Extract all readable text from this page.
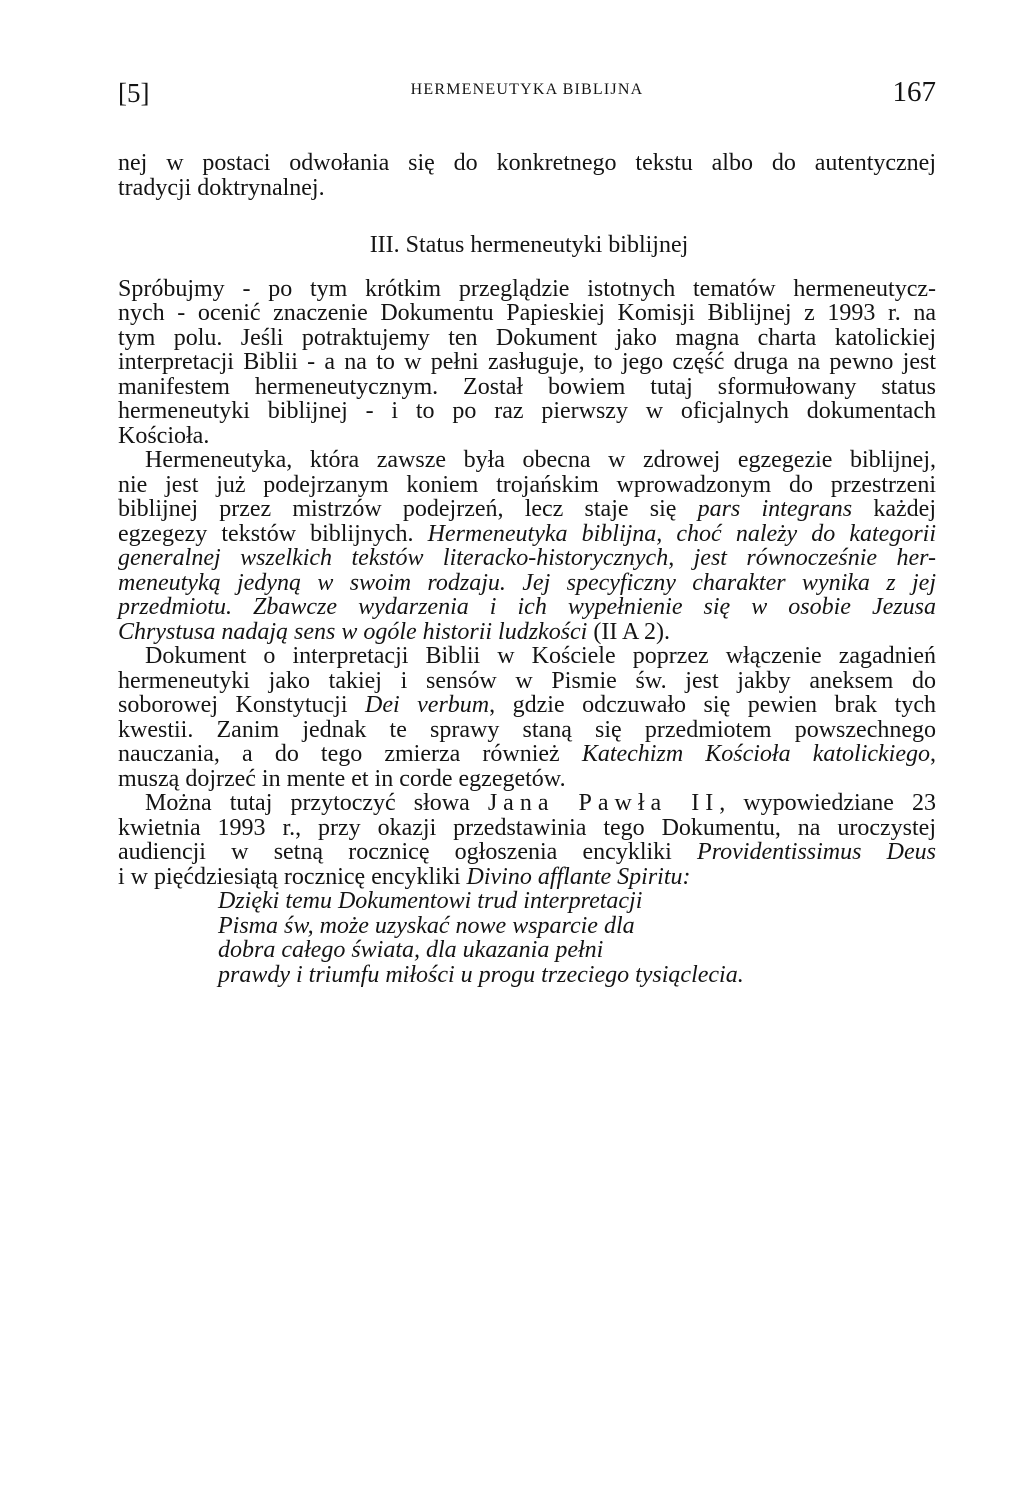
[5]	HERMENEUTYKA BIBLIJNA	167
nej w postaci odwołania się do konkretnego tekstu albo do autentycznej
tradycji doktrynalnej.
III. Status hermeneutyki biblijnej
Spróbujmy - po tym krótkim przeglądzie istotnych tematów hermeneutycz-
nych - ocenić znaczenie Dokumentu Papieskiej Komisji Biblijnej z 1993 r. na
tym polu. Jeśli potraktujemy ten Dokument jako magna charta katolickiej
interpretacji Biblii - a na to w pełni zasługuje, to jego część druga na pewno jest
manifestem hermeneutycznym. Został bowiem tutaj sformułowany status
hermeneutyki biblijnej - i to po raz pierwszy w oficjalnych dokumentach
Kościoła.
Hermeneutyka, która zawsze była obecna w zdrowej egzegezie biblijnej,
nie jest już podejrzanym koniem trojańskim wprowadzonym do przestrzeni
biblijnej przez mistrzów podejrzeń, lecz staje się pars integrans każdej
egzegezy tekstów biblijnych. Hermeneutyka biblijna, choć należy do kategorii
generalnej wszelkich tekstów literacko-historycznych, jest równocześnie her-
meneutyką jedyną w swoim rodzaju. Jej specyficzny charakter wynika z jej
przedmiotu. Zbawcze wydarzenia i ich wypełnienie się w osobie Jezusa
Chrystusa nadają sens w ogóle historii ludzkości (II A 2).
Dokument o interpretacji Biblii w Kościele poprzez włączenie zagadnień
hermeneutyki jako takiej i sensów w Pismie św. jest jakby aneksem do
soborowej Konstytucji Dei verbum, gdzie odczuwało się pewien brak tych
kwestii. Zanim jednak te sprawy staną się przedmiotem powszechnego
nauczania, a do tego zmierza również Katechizm Kościoła katolickiego,
muszą dojrzeć in mente et in corde egzegetów.
Można tutaj przytoczyć słowa Jana Pawła II, wypowiedziane 23
kwietnia 1993 r., przy okazji przedstawinia tego Dokumentu, na uroczystej
audiencji w setną rocznicę ogłoszenia encykliki Providentissimus Deus
i w pięćdziesiątą rocznicę encykliki Divino afflante Spiritu:
Dzięki temu Dokumentowi trud interpretacji
Pisma św, może uzyskać nowe wsparcie dla
dobra całego świata, dla ukazania pełni
prawdy i triumfu miłości u progu trzeciego tysiąclecia.
